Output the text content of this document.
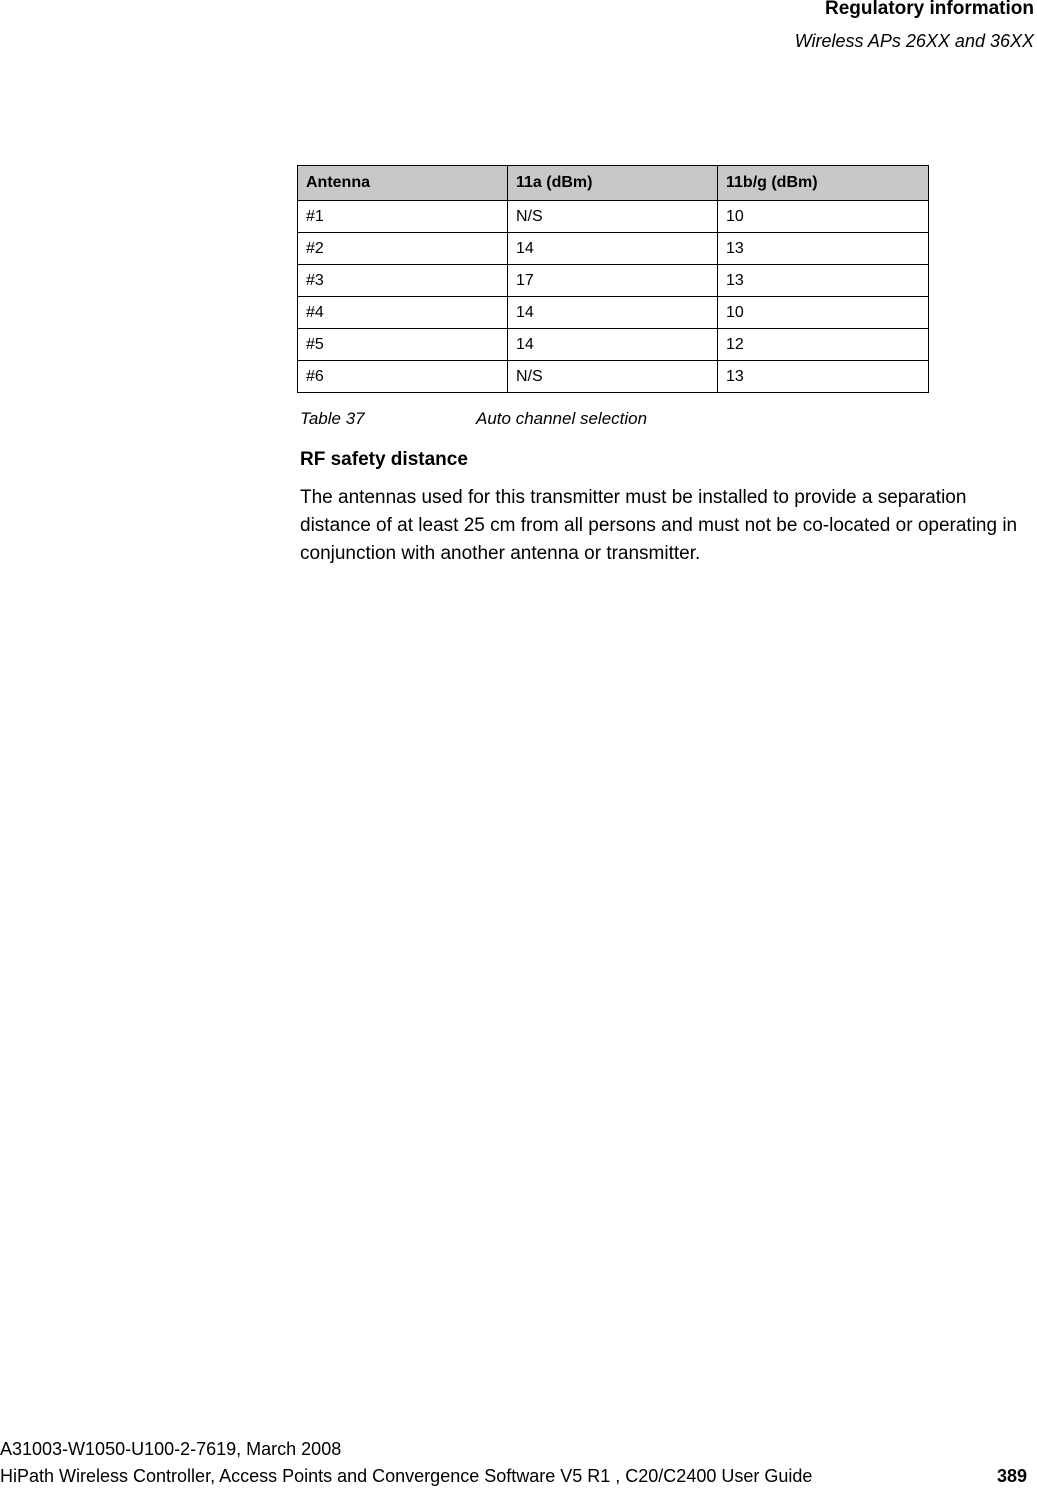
Regulatory information
Wireless APs 26XX and 36XX
Antenna	11a (dBm)	11b/g (dBm)
#1	N/S	10
#2	14	13
#3	17	13
#4	14	10
#5	14	12
#6	N/S	13
Table 37	Auto channel selection
RF safety distance
The antennas used for this transmitter must be installed to provide a separation distance of at least 25 cm from all persons and must not be co-located or operating in conjunction with another antenna or transmitter.
A31003-W1050-U100-2-7619, March 2008
HiPath Wireless Controller, Access Points and Convergence Software V5 R1 , C20/C2400 User Guide	389
